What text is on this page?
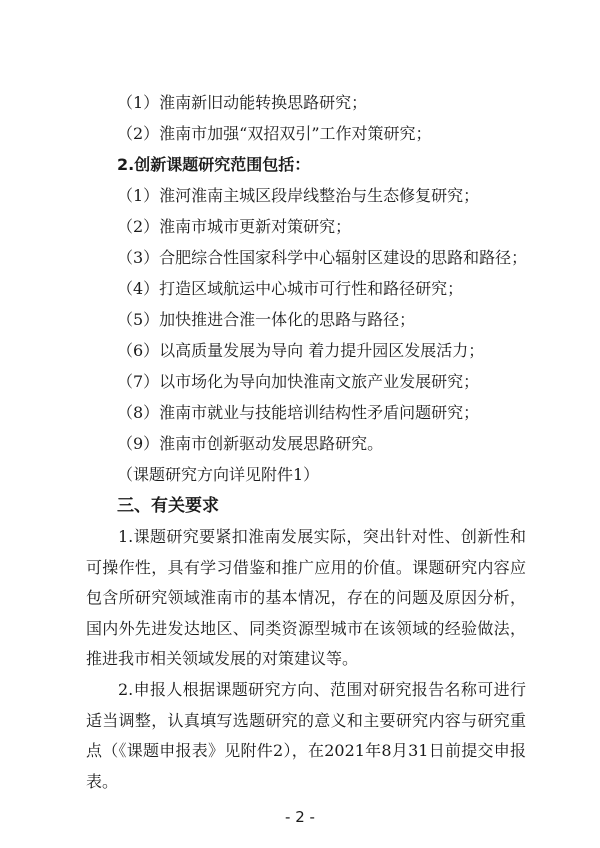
（1）淮南新旧动能转换思路研究；
（2）淮南市加强“双招双引”工作对策研究；
2.创新课题研究范围包括：
（1）淮河淮南主城区段岸线整治与生态修复研究；
（2）淮南市城市更新对策研究；
（3）合肥综合性国家科学中心辐射区建设的思路和路径；
（4）打造区域航运中心城市可行性和路径研究；
（5）加快推进合淮一体化的思路与路径；
（6）以高质量发展为导向 着力提升园区发展活力；
（7）以市场化为导向加快淮南文旅产业发展研究；
（8）淮南市就业与技能培训结构性矛盾问题研究；
（9）淮南市创新驱动发展思路研究。
（课题研究方向详见附件1）
三、有关要求
1.课题研究要紧扣淮南发展实际，突出针对性、创新性和可操作性，具有学习借鉴和推广应用的价值。课题研究内容应包含所研究领域淮南市的基本情况，存在的问题及原因分析，国内外先进发达地区、同类资源型城市在该领域的经验做法，推进我市相关领域发展的对策建议等。
2.申报人根据课题研究方向、范围对研究报告名称可进行适当调整，认真填写选题研究的意义和主要研究内容与研究重点（《课题申报表》见附件2），在2021年8月31日前提交申报表。
- 2 -
